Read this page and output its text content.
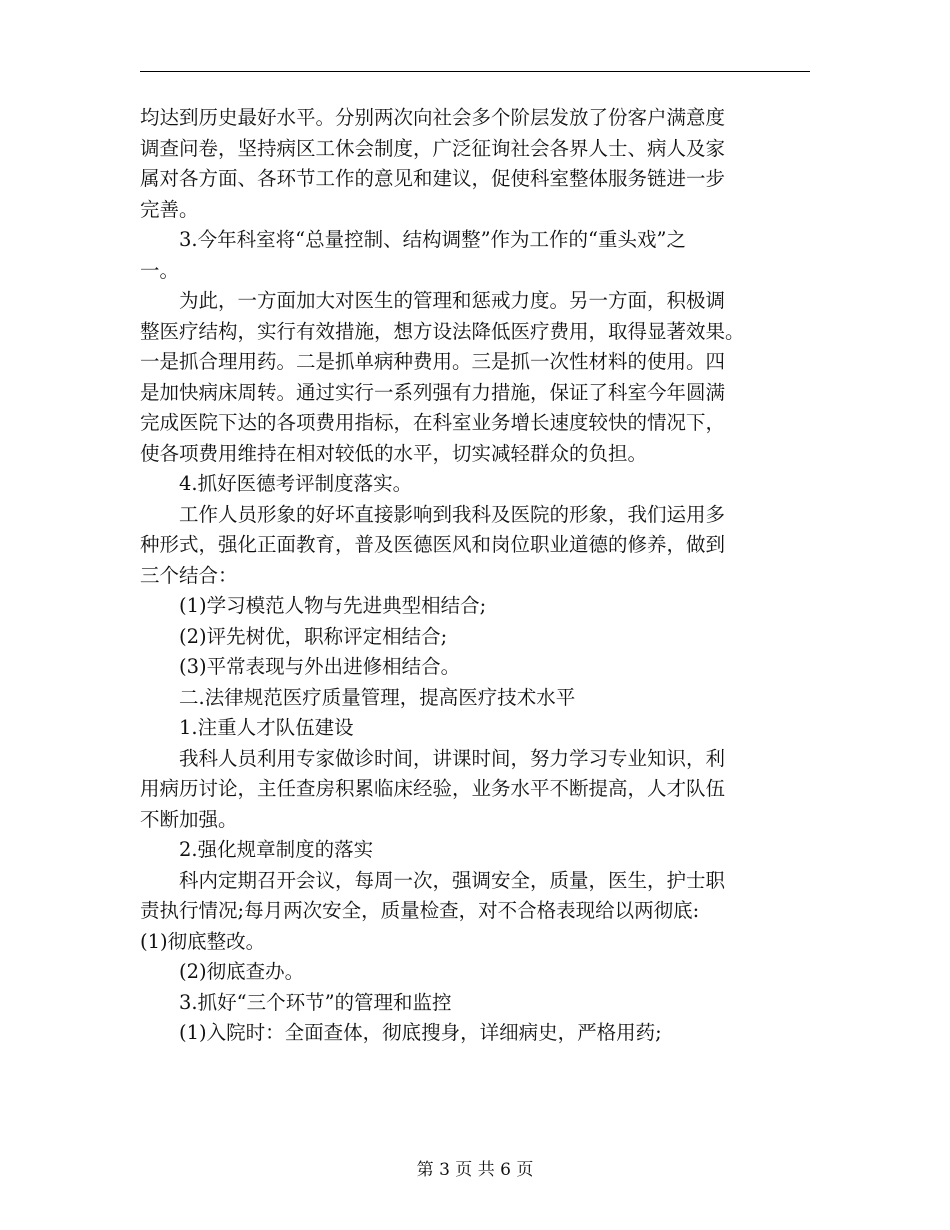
均达到历史最好水平。分别两次向社会多个阶层发放了份客户满意度
调查问卷，坚持病区工休会制度，广泛征询社会各界人士、病人及家
属对各方面、各环节工作的意见和建议，促使科室整体服务链进一步
完善。
3.今年科室将“总量控制、结构调整”作为工作的“重头戏”之
一。
为此，一方面加大对医生的管理和惩戒力度。另一方面，积极调
整医疗结构，实行有效措施，想方设法降低医疗费用，取得显著效果。
一是抓合理用药。二是抓单病种费用。三是抓一次性材料的使用。四
是加快病床周转。通过实行一系列强有力措施，保证了科室今年圆满
完成医院下达的各项费用指标，在科室业务增长速度较快的情况下，
使各项费用维持在相对较低的水平，切实减轻群众的负担。
4.抓好医德考评制度落实。
工作人员形象的好坏直接影响到我科及医院的形象，我们运用多
种形式，强化正面教育，普及医德医风和岗位职业道德的修养，做到
三个结合：
(1)学习模范人物与先进典型相结合;
(2)评先树优，职称评定相结合;
(3)平常表现与外出进修相结合。
二.法律规范医疗质量管理，提高医疗技术水平
1.注重人才队伍建设
我科人员利用专家做诊时间，讲课时间，努力学习专业知识，利
用病历讨论，主任查房积累临床经验，业务水平不断提高，人才队伍
不断加强。
2.强化规章制度的落实
科内定期召开会议，每周一次，强调安全，质量，医生，护士职
责执行情况;每月两次安全，质量检查，对不合格表现给以两彻底:
(1)彻底整改。
(2)彻底查办。
3.抓好“三个环节”的管理和监控
(1)入院时：全面查体，彻底搜身，详细病史，严格用药;
第 3 页 共 6 页
